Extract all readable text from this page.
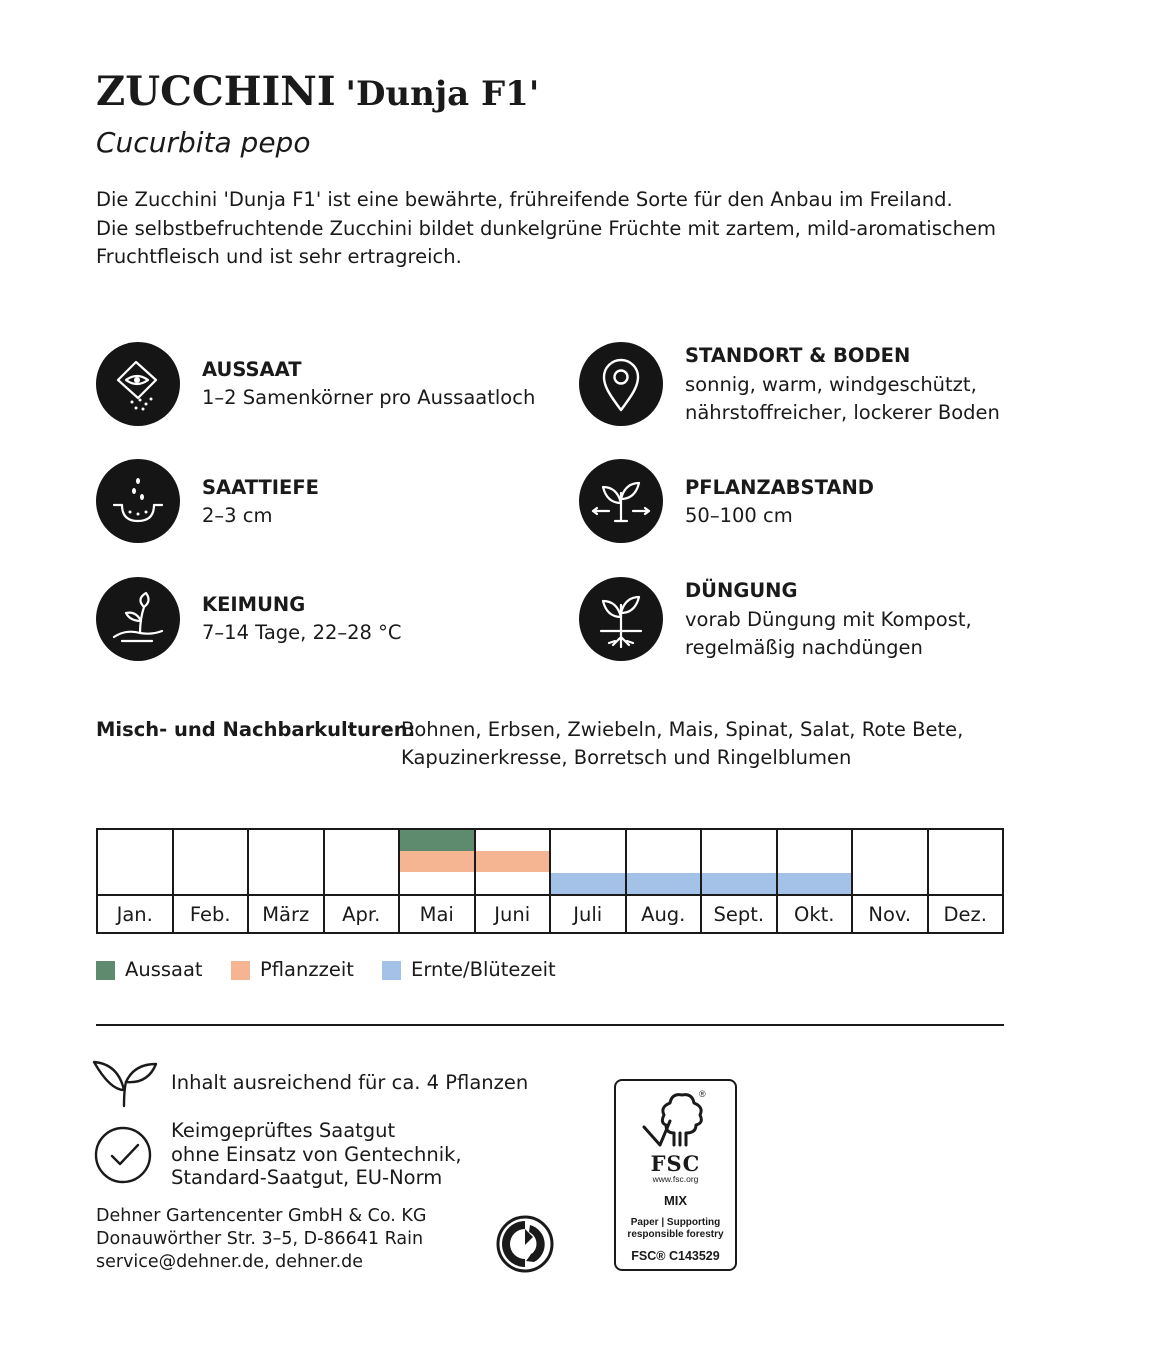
ZUCCHINI 'Dunja F1'
Cucurbita pepo
Die Zucchini 'Dunja F1' ist eine bewährte, frühreifende Sorte für den Anbau im Freiland.
Die selbstbefruchtende Zucchini bildet dunkelgrüne Früchte mit zartem, mild-aromatischem
Fruchtfleisch und ist sehr ertragreich.
AUSSAAT
1–2 Samenkörner pro Aussaatloch
STANDORT & BODEN
sonnig, warm, windgeschützt,
nährstoffreicher, lockerer Boden
SAATTIEFE
2–3 cm
PFLANZABSTAND
50–100 cm
KEIMUNG
7–14 Tage, 22–28 °C
DÜNGUNG
vorab Düngung mit Kompost,
regelmäßig nachdüngen
Misch- und Nachbarkulturen:
Bohnen, Erbsen, Zwiebeln, Mais, Spinat, Salat, Rote Bete,
Kapuzinerkresse, Borretsch und Ringelblumen

Jan.	Feb.	März	Apr.	Mai	Juni	Juli	Aug.	Sept.	Okt.	Nov.	Dez.
Aussaat	Pflanzzeit	Ernte/Blütezeit
Inhalt ausreichend für ca. 4 Pflanzen
Keimgeprüftes Saatgut
ohne Einsatz von Gentechnik,
Standard-Saatgut, EU-Norm
Dehner Gartencenter GmbH & Co. KG
Donauwörther Str. 3–5, D-86641 Rain
service@dehner.de, dehner.de
®
FSC
www.fsc.org
MIX
Paper | Supporting
responsible forestry
FSC® C143529
